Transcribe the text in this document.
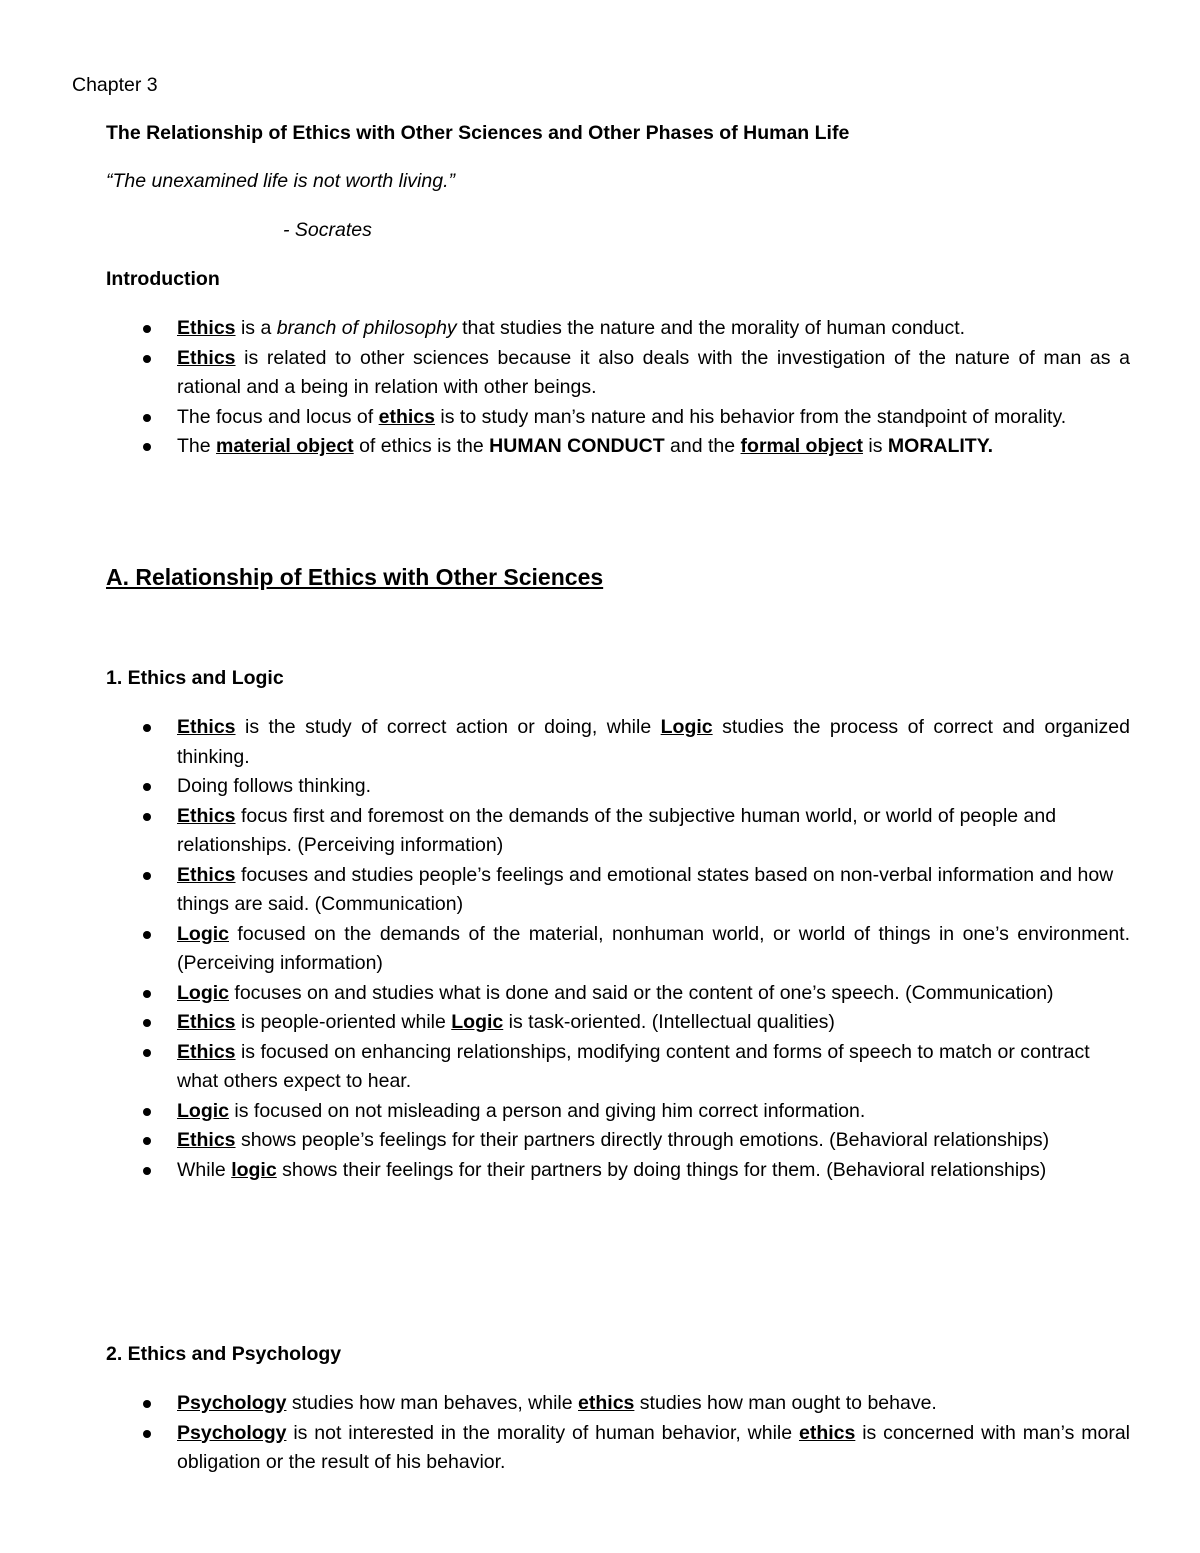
Chapter 3
The Relationship of Ethics with Other Sciences and Other Phases of Human Life
“The unexamined life is not worth living.”
- Socrates
Introduction
Ethics is a branch of philosophy that studies the nature and the morality of human conduct.
Ethics is related to other sciences because it also deals with the investigation of the nature of man as a rational and a being in relation with other beings.
The focus and locus of ethics is to study man’s nature and his behavior from the standpoint of morality.
The material object of ethics is the HUMAN CONDUCT and the formal object is MORALITY.
A. Relationship of Ethics with Other Sciences
1. Ethics and Logic
Ethics is the study of correct action or doing, while Logic studies the process of correct and organized thinking.
Doing follows thinking.
Ethics focus first and foremost on the demands of the subjective human world, or world of people and relationships. (Perceiving information)
Ethics focuses and studies people’s feelings and emotional states based on non-verbal information and how things are said. (Communication)
Logic focused on the demands of the material, nonhuman world, or world of things in one’s environment. (Perceiving information)
Logic focuses on and studies what is done and said or the content of one’s speech. (Communication)
Ethics is people-oriented while Logic is task-oriented. (Intellectual qualities)
Ethics is focused on enhancing relationships, modifying content and forms of speech to match or contract what others expect to hear.
Logic is focused on not misleading a person and giving him correct information.
Ethics shows people’s feelings for their partners directly through emotions. (Behavioral relationships)
While logic shows their feelings for their partners by doing things for them. (Behavioral relationships)
2. Ethics and Psychology
Psychology studies how man behaves, while ethics studies how man ought to behave.
Psychology is not interested in the morality of human behavior, while ethics is concerned with man’s moral obligation or the result of his behavior.
